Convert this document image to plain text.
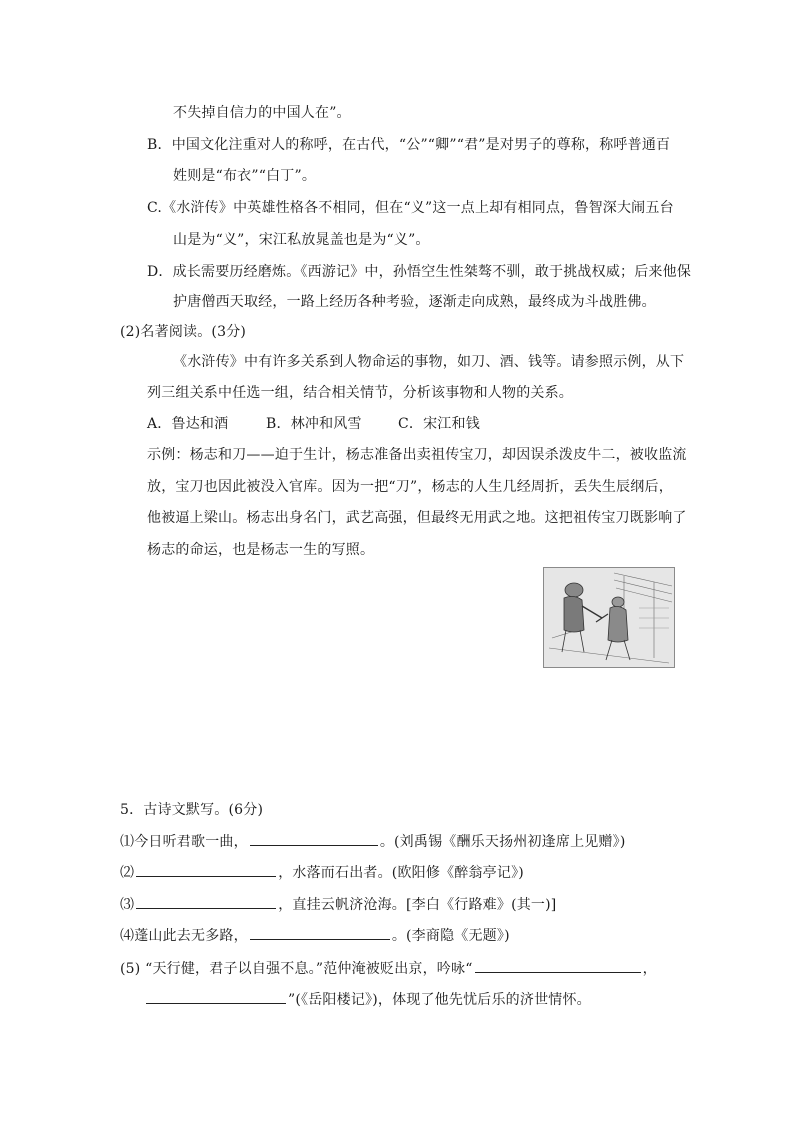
不失掉自信力的中国人在”。
B．中国文化注重对人的称呼，在古代，“公”“卿”“君”是对男子的尊称，称呼普通百
姓则是“布衣”“白丁”。
C.《水浒传》中英雄性格各不相同，但在“义”这一点上却有相同点，鲁智深大闹五台
山是为“义”，宋江私放晁盖也是为“义”。
D．成长需要历经磨炼。《西游记》中，孙悟空生性桀骜不驯，敢于挑战权威；后来他保
护唐僧西天取经，一路上经历各种考验，逐渐走向成熟，最终成为斗战胜佛。
(2)名著阅读。(3分)
《水浒传》中有许多关系到人物命运的事物，如刀、酒、钱等。请参照示例，从下
列三组关系中任选一组，结合相关情节，分析该事物和人物的关系。
A．鲁达和酒	B．林冲和风雪	C．宋江和钱
示例：杨志和刀——迫于生计，杨志准备出卖祖传宝刀，却因误杀泼皮牛二，被收监流
放，宝刀也因此被没入官库。因为一把“刀”，杨志的人生几经周折，丢失生辰纲后，
他被逼上梁山。杨志出身名门，武艺高强，但最终无用武之地。这把祖传宝刀既影响了
杨志的命运，也是杨志一生的写照。
5．古诗文默写。(6分)
⑴今日听君歌一曲，	。(刘禹锡《酬乐天扬州初逢席上见赠》)
⑵	，水落而石出者。(欧阳修《醉翁亭记》)
⑶	，直挂云帆济沧海。[李白《行路难》(其一)]
⑷蓬山此去无多路，	。(李商隐《无题》)
(5) “天行健，君子以自强不息。”范仲淹被贬出京，吟咏“	，
”(《岳阳楼记》)，体现了他先忧后乐的济世情怀。
